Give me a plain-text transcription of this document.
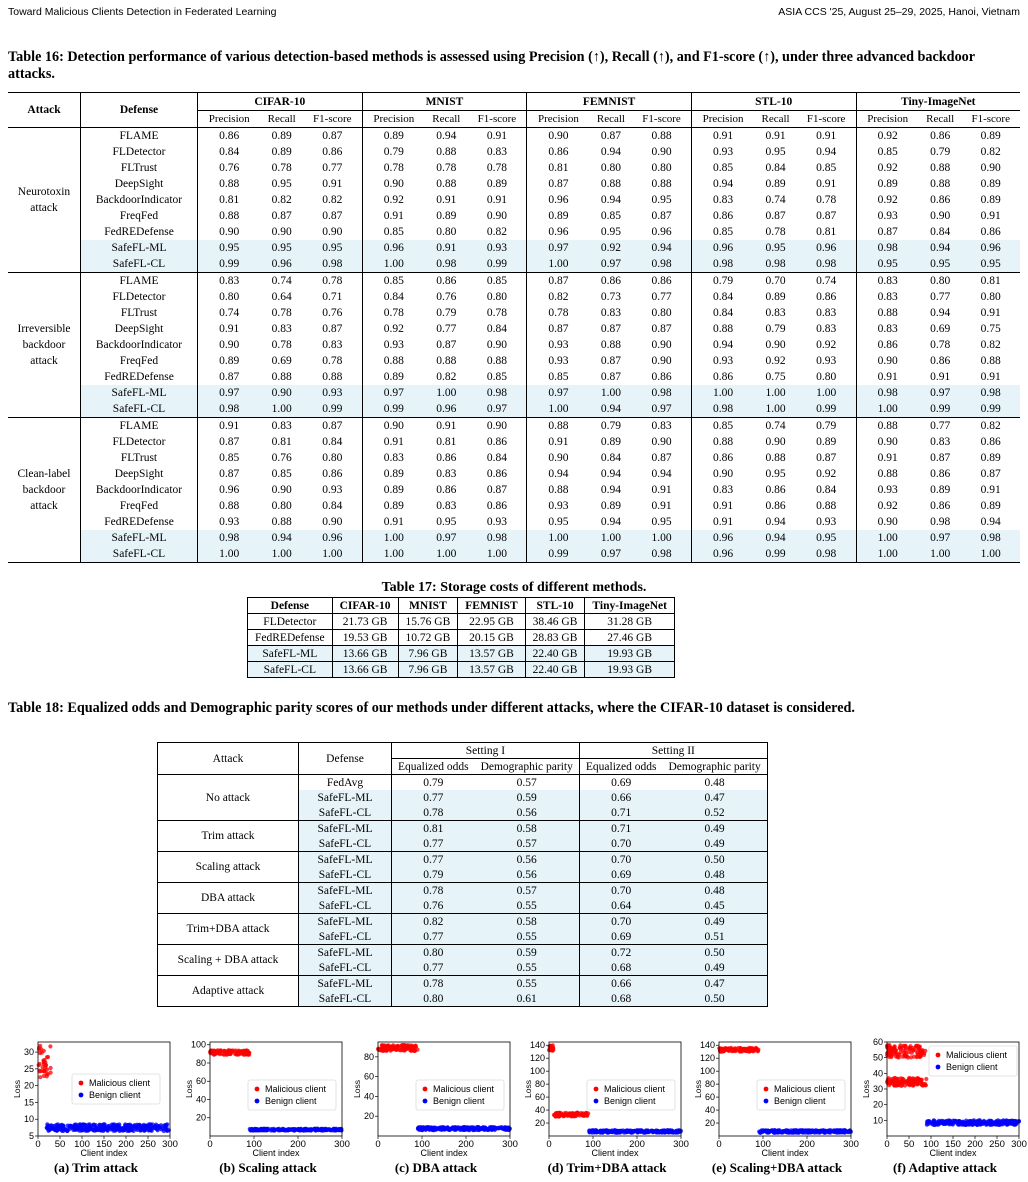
Toward Malicious Clients Detection in Federated Learning	ASIA CCS '25, August 25–29, 2025, Hanoi, Vietnam
Table 16: Detection performance of various detection-based methods is assessed using Precision (↑), Recall (↑), and F1-score (↑), under three advanced backdoor attacks.
Attack	Defense	CIFAR-10			MNIST			FEMNIST			STL-10			Tiny-ImageNet		
		Precision	Recall	F1-score	Precision	Recall	F1-score	Precision	Recall	F1-score	Precision	Recall	F1-score	Precision	Recall	F1-score
Neurotoxin attack	FLAME	0.86	0.89	0.87	0.89	0.94	0.91	0.90	0.87	0.88	0.91	0.91	0.91	0.92	0.86	0.89
	FLDetector	0.84	0.89	0.86	0.79	0.88	0.83	0.86	0.94	0.90	0.93	0.95	0.94	0.85	0.79	0.82
	FLTrust	0.76	0.78	0.77	0.78	0.78	0.78	0.81	0.80	0.80	0.85	0.84	0.85	0.92	0.88	0.90
	DeepSight	0.88	0.95	0.91	0.90	0.88	0.89	0.87	0.88	0.88	0.94	0.89	0.91	0.89	0.88	0.89
	BackdoorIndicator	0.81	0.82	0.82	0.92	0.91	0.91	0.96	0.94	0.95	0.83	0.74	0.78	0.92	0.86	0.89
	FreqFed	0.88	0.87	0.87	0.91	0.89	0.90	0.89	0.85	0.87	0.86	0.87	0.87	0.93	0.90	0.91
	FedREDefense	0.90	0.90	0.90	0.85	0.80	0.82	0.96	0.95	0.96	0.85	0.78	0.81	0.87	0.84	0.86
	SafeFL-ML	0.95	0.95	0.95	0.96	0.91	0.93	0.97	0.92	0.94	0.96	0.95	0.96	0.98	0.94	0.96
	SafeFL-CL	0.99	0.96	0.98	1.00	0.98	0.99	1.00	0.97	0.98	0.98	0.98	0.98	0.95	0.95	0.95
Irreversible backdoor attack	FLAME	0.83	0.74	0.78	0.85	0.86	0.85	0.87	0.86	0.86	0.79	0.70	0.74	0.83	0.80	0.81
	FLDetector	0.80	0.64	0.71	0.84	0.76	0.80	0.82	0.73	0.77	0.84	0.89	0.86	0.83	0.77	0.80
	FLTrust	0.74	0.78	0.76	0.78	0.79	0.78	0.78	0.83	0.80	0.84	0.83	0.83	0.88	0.94	0.91
	DeepSight	0.91	0.83	0.87	0.92	0.77	0.84	0.87	0.87	0.87	0.88	0.79	0.83	0.83	0.69	0.75
	BackdoorIndicator	0.90	0.78	0.83	0.93	0.87	0.90	0.93	0.88	0.90	0.94	0.90	0.92	0.86	0.78	0.82
	FreqFed	0.89	0.69	0.78	0.88	0.88	0.88	0.93	0.87	0.90	0.93	0.92	0.93	0.90	0.86	0.88
	FedREDefense	0.87	0.88	0.88	0.89	0.82	0.85	0.85	0.87	0.86	0.86	0.75	0.80	0.91	0.91	0.91
	SafeFL-ML	0.97	0.90	0.93	0.97	1.00	0.98	0.97	1.00	0.98	1.00	1.00	1.00	0.98	0.97	0.98
	SafeFL-CL	0.98	1.00	0.99	0.99	0.96	0.97	1.00	0.94	0.97	0.98	1.00	0.99	1.00	0.99	0.99
Clean-label backdoor attack	FLAME	0.91	0.83	0.87	0.90	0.91	0.90	0.88	0.79	0.83	0.85	0.74	0.79	0.88	0.77	0.82
	FLDetector	0.87	0.81	0.84	0.91	0.81	0.86	0.91	0.89	0.90	0.88	0.90	0.89	0.90	0.83	0.86
	FLTrust	0.85	0.76	0.80	0.83	0.86	0.84	0.90	0.84	0.87	0.86	0.88	0.87	0.91	0.87	0.89
	DeepSight	0.87	0.85	0.86	0.89	0.83	0.86	0.94	0.94	0.94	0.90	0.95	0.92	0.88	0.86	0.87
	BackdoorIndicator	0.96	0.90	0.93	0.89	0.86	0.87	0.88	0.94	0.91	0.83	0.86	0.84	0.93	0.89	0.91
	FreqFed	0.88	0.80	0.84	0.89	0.83	0.86	0.93	0.89	0.91	0.91	0.86	0.88	0.92	0.86	0.89
	FedREDefense	0.93	0.88	0.90	0.91	0.95	0.93	0.95	0.94	0.95	0.91	0.94	0.93	0.90	0.98	0.94
	SafeFL-ML	0.98	0.94	0.96	1.00	0.97	0.98	1.00	1.00	1.00	0.96	0.94	0.95	1.00	0.97	0.98
	SafeFL-CL	1.00	1.00	1.00	1.00	1.00	1.00	0.99	0.97	0.98	0.96	0.99	0.98	1.00	1.00	1.00
Table 17: Storage costs of different methods.
Defense	CIFAR-10	MNIST	FEMNIST	STL-10	Tiny-ImageNet
FLDetector	21.73 GB	15.76 GB	22.95 GB	38.46 GB	31.28 GB
FedREDefense	19.53 GB	10.72 GB	20.15 GB	28.83 GB	27.46 GB
SafeFL-ML	13.66 GB	7.96 GB	13.57 GB	22.40 GB	19.93 GB
SafeFL-CL	13.66 GB	7.96 GB	13.57 GB	22.40 GB	19.93 GB
Table 18: Equalized odds and Demographic parity scores of our methods under different attacks, where the CIFAR-10 dataset is considered.
Attack	Defense	Setting I		Setting II	
		Equalized odds	Demographic parity	Equalized odds	Demographic parity
No attack	FedAvg	0.79	0.57	0.69	0.48
	SafeFL-ML	0.77	0.59	0.66	0.47
	SafeFL-CL	0.78	0.56	0.71	0.52
Trim attack	SafeFL-ML	0.81	0.58	0.71	0.49
	SafeFL-CL	0.77	0.57	0.70	0.49
Scaling attack	SafeFL-ML	0.77	0.56	0.70	0.50
	SafeFL-CL	0.79	0.56	0.69	0.48
DBA attack	SafeFL-ML	0.78	0.57	0.70	0.48
	SafeFL-CL	0.76	0.55	0.64	0.45
Trim+DBA attack	SafeFL-ML	0.82	0.58	0.70	0.49
	SafeFL-CL	0.77	0.55	0.69	0.51
Scaling + DBA attack	SafeFL-ML	0.80	0.59	0.72	0.50
	SafeFL-CL	0.77	0.55	0.68	0.49
Adaptive attack	SafeFL-ML	0.78	0.55	0.66	0.47
	SafeFL-CL	0.80	0.61	0.68	0.50
0 50 100 150 200 250 300
5
10
15
20
25
30
Client index
Loss	Malicious client
Benign client
(a) Trim attack
0	100	200	300
20
40
60
80
100
Client index
Loss	Malicious client
Benign client
(b) Scaling attack
0	100	200	300
20
40
60
80
Client index
Loss	Malicious client
Benign client
(c) DBA attack
0	100	200	300
20
40
60
80
100
120
140
Client index
Loss	Malicious client
Benign client
(d) Trim+DBA attack
0	100	200	300
20
40
60
80
100
120
140
Client index
Loss	Malicious client
Benign client
(e) Scaling+DBA attack
0 50 100 150 200 250 300
10
20
30
40
50
60
Client index
Loss
Malicious client
Benign client
(f) Adaptive attack
